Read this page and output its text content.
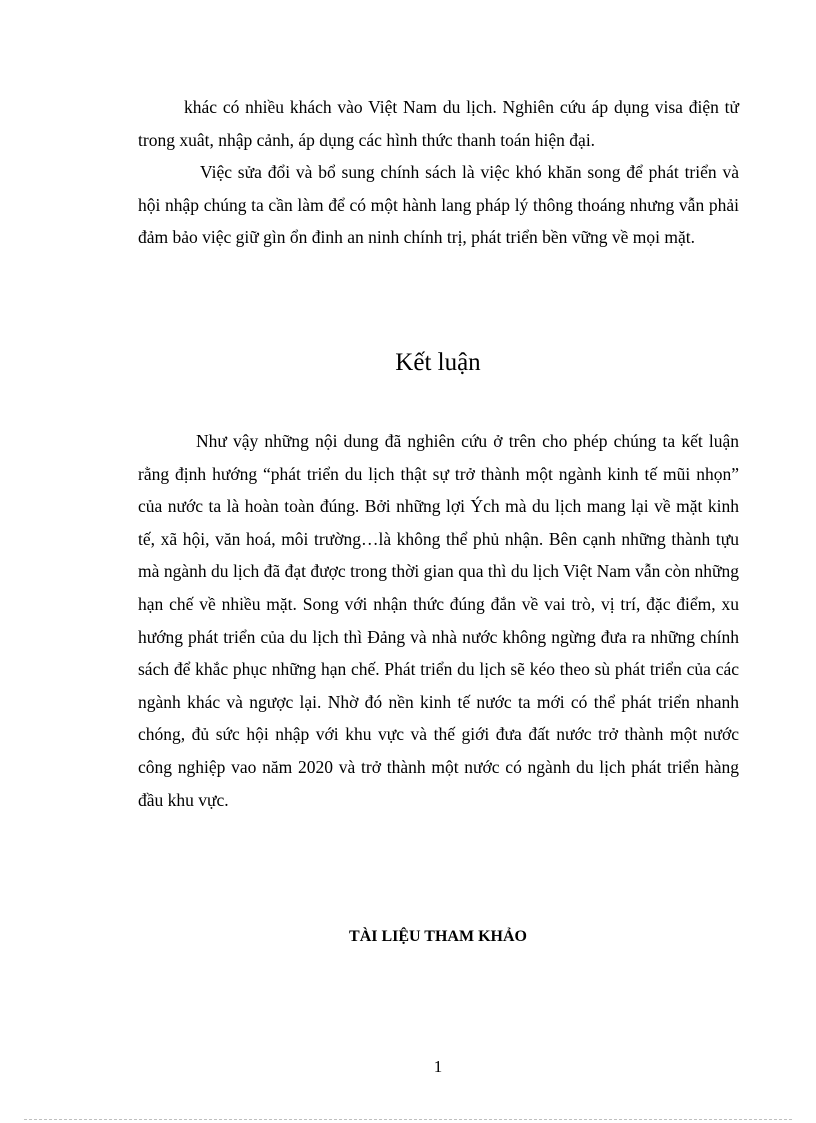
khác có nhiều khách vào Việt Nam du lịch. Nghiên cứu áp dụng visa điện tử trong xuât, nhập cảnh, áp dụng các hình thức thanh toán hiện đại.

Việc sửa đổi và bổ sung chính sách là việc khó khăn song để phát triển và hội nhập chúng ta cần làm để có một hành lang pháp lý thông thoáng nhưng vẫn phải đảm bảo việc giữ gìn ổn đinh an ninh chính trị, phát triển bền vững về mọi mặt.

Kết luận

Như vậy những nội dung đã nghiên cứu ở trên cho phép chúng ta kết luận rằng định hướng “phát triển du lịch thật sự trở thành một ngành kinh tế mũi nhọn” của nước ta là hoàn toàn đúng. Bởi những lợi Ých mà du lịch mang lại về mặt kinh tế, xã hội, văn hoá, môi trường…là không thể phủ nhận. Bên cạnh những thành tựu mà ngành du lịch đã đạt được trong thời gian qua thì du lịch Việt Nam vẫn còn những hạn chế về nhiều mặt. Song với nhận thức đúng đắn về vai trò, vị trí, đặc điểm, xu hướng phát triển của du lịch thì Đảng và nhà nước không ngừng đưa ra những chính sách để khắc phục những hạn chế. Phát triển du lịch sẽ kéo theo sù phát triển của các ngành khác và ngược lại. Nhờ đó nền kinh tế nước ta mới có thể phát triển nhanh chóng, đủ sức hội nhập với khu vực và thế giới đưa đất nước trở thành một nước công nghiệp vao năm 2020 và trở thành một nước có ngành du lịch phát triển hàng đầu khu vực.

TÀI LIỆU THAM KHẢO
1
